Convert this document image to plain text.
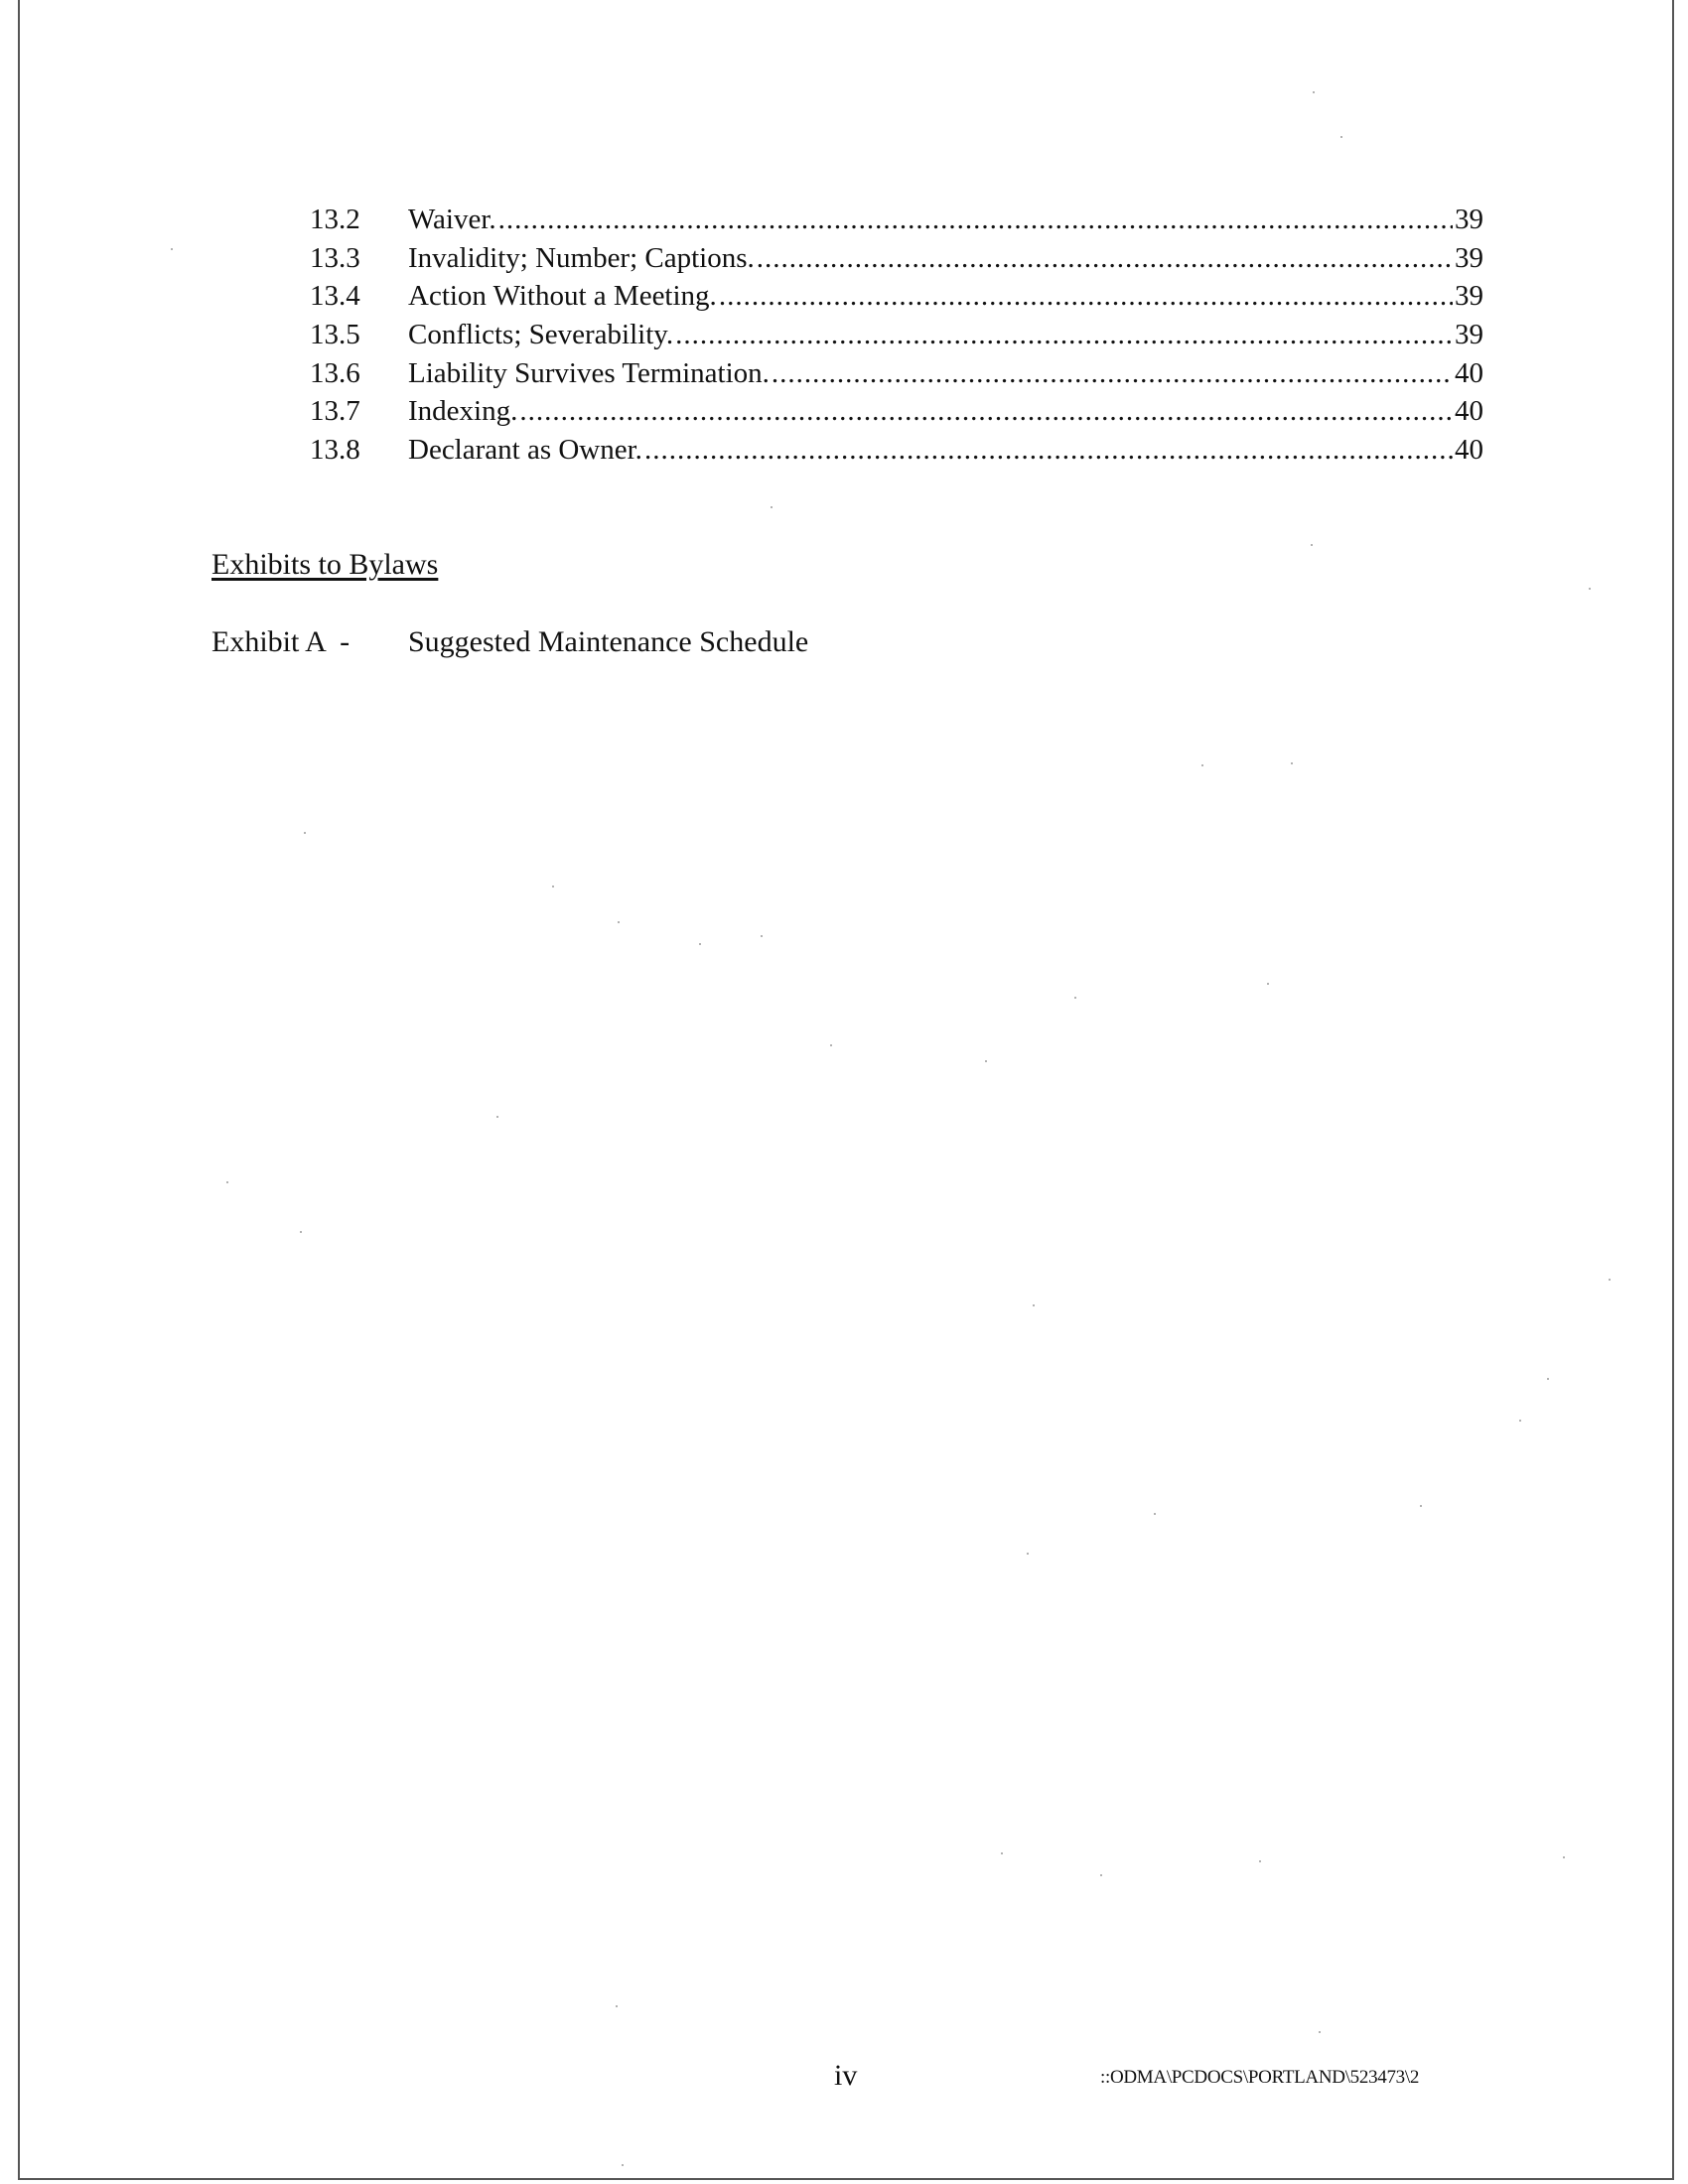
13.2	Waiver. .....	39
13.3	Invalidity; Number; Captions. .....	39
13.4	Action Without a Meeting. .....	39
13.5	Conflicts; Severability. .....	39
13.6	Liability Survives Termination. .....	40
13.7	Indexing. .....	40
13.8	Declarant as Owner. .....	40
Exhibits to Bylaws
Exhibit A  -	Suggested Maintenance Schedule
iv	::ODMA\PCDOCS\PORTLAND\523473\2
